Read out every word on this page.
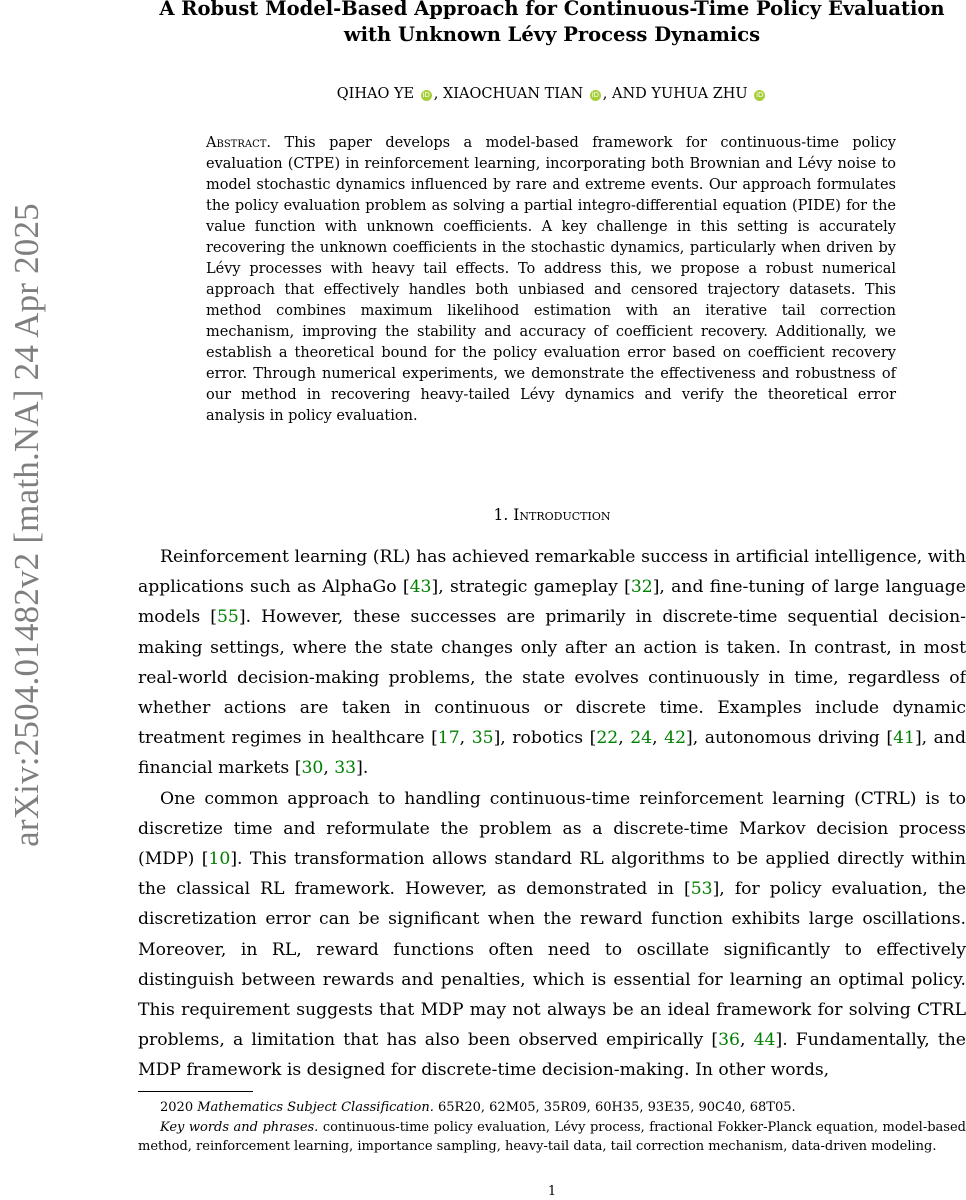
arXiv:2504.01482v2 [math.NA] 24 Apr 2025
A Robust Model-Based Approach for Continuous-Time Policy Evaluation
with Unknown Lévy Process Dynamics
QIHAO YE iD , XIAOCHUAN TIAN iD , AND YUHUA ZHU iD
Abstract. This paper develops a model-based framework for continuous-time policy evaluation (CTPE) in reinforcement learning, incorporating both Brownian and Lévy noise to model stochastic dynamics influenced by rare and extreme events. Our approach formulates the policy evaluation problem as solving a partial integro-differential equation (PIDE) for the value function with unknown coefficients. A key challenge in this setting is accurately recovering the unknown coefficients in the stochastic dynamics, particularly when driven by Lévy processes with heavy tail effects. To address this, we propose a robust numerical approach that effectively handles both unbiased and censored trajectory datasets. This method combines maximum likelihood estimation with an iterative tail correction mechanism, improving the stability and accuracy of coefficient recovery. Additionally, we establish a theoretical bound for the policy evaluation error based on coefficient recovery error. Through numerical experiments, we demonstrate the effectiveness and robustness of our method in recovering heavy-tailed Lévy dynamics and verify the theoretical error analysis in policy evaluation.
1. Introduction

Reinforcement learning (RL) has achieved remarkable success in artificial intelligence, with applications such as AlphaGo [43], strategic gameplay [32], and fine-tuning of large language models [55]. However, these successes are primarily in discrete-time sequential decision-making settings, where the state changes only after an action is taken. In contrast, in most real-world decision-making problems, the state evolves continuously in time, regardless of whether actions are taken in continuous or discrete time. Examples include dynamic treatment regimes in healthcare [17, 35], robotics [22, 24, 42], autonomous driving [41], and financial markets [30, 33].

One common approach to handling continuous-time reinforcement learning (CTRL) is to discretize time and reformulate the problem as a discrete-time Markov decision process (MDP) [10]. This transformation allows standard RL algorithms to be applied directly within the classical RL framework. However, as demonstrated in [53], for policy evaluation, the discretization error can be significant when the reward function exhibits large oscillations. Moreover, in RL, reward functions often need to oscillate significantly to effectively distinguish between rewards and penalties, which is essential for learning an optimal policy. This requirement suggests that MDP may not always be an ideal framework for solving CTRL problems, a limitation that has also been observed empirically [36, 44]. Fundamentally, the MDP framework is designed for discrete-time decision-making. In other words,

2020 Mathematics Subject Classification. 65R20, 62M05, 35R09, 60H35, 93E35, 90C40, 68T05.

Key words and phrases. continuous-time policy evaluation, Lévy process, fractional Fokker-Planck equation, model-based method, reinforcement learning, importance sampling, heavy-tail data, tail correction mechanism, data-driven modeling.

1
